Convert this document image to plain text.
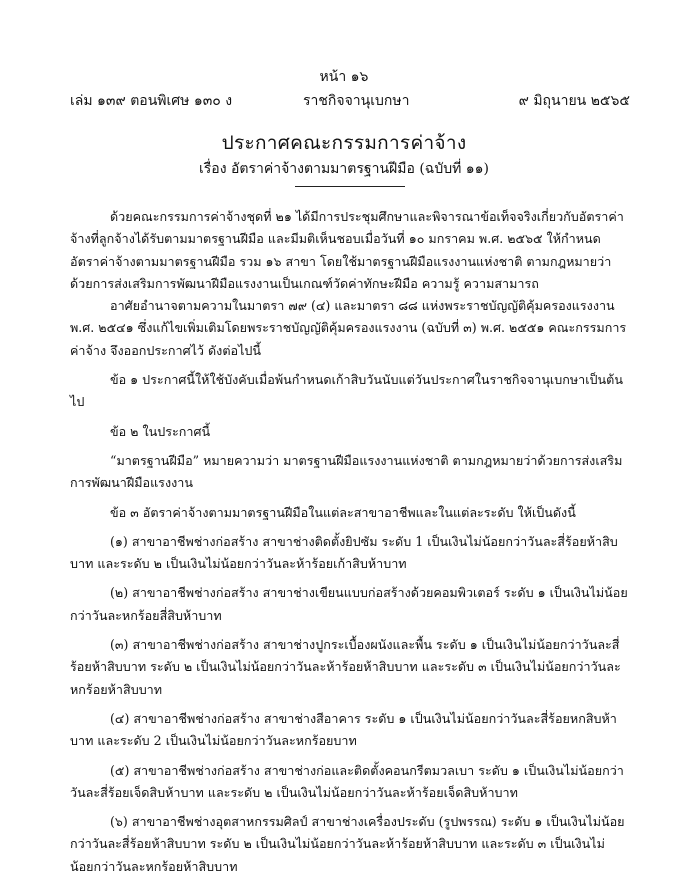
หน้า ๑๖
เล่ม ๑๓๙ ตอนพิเศษ ๑๓๐ ง	ราชกิจจานุเบกษา	๙ มิถุนายน ๒๕๖๕
ประกาศคณะกรรมการค่าจ้าง
เรื่อง อัตราค่าจ้างตามมาตรฐานฝีมือ (ฉบับที่ ๑๑)

ด้วยคณะกรรมการค่าจ้างชุดที่ ๒๑ ได้มีการประชุมศึกษาและพิจารณาข้อเท็จจริงเกี่ยวกับอัตราค่าจ้างที่ลูกจ้างได้รับตามมาตรฐานฝีมือ และมีมติเห็นชอบเมื่อวันที่ ๑๐ มกราคม พ.ศ. ๒๕๖๕ ให้กำหนดอัตราค่าจ้างตามมาตรฐานฝีมือ รวม ๑๖ สาขา โดยใช้มาตรฐานฝีมือแรงงานแห่งชาติ ตามกฎหมายว่าด้วยการส่งเสริมการพัฒนาฝีมือแรงงานเป็นเกณฑ์วัดค่าทักษะฝีมือ ความรู้ ความสามารถ

อาศัยอำนาจตามความในมาตรา ๗๙ (๔) และมาตรา ๘๘ แห่งพระราชบัญญัติคุ้มครองแรงงาน พ.ศ. ๒๕๔๑ ซึ่งแก้ไขเพิ่มเติมโดยพระราชบัญญัติคุ้มครองแรงงาน (ฉบับที่ ๓) พ.ศ. ๒๕๕๑ คณะกรรมการค่าจ้าง จึงออกประกาศไว้ ดังต่อไปนี้

ข้อ ๑ ประกาศนี้ให้ใช้บังคับเมื่อพ้นกำหนดเก้าสิบวันนับแต่วันประกาศในราชกิจจานุเบกษาเป็นต้นไป

ข้อ ๒ ในประกาศนี้

“มาตรฐานฝีมือ” หมายความว่า มาตรฐานฝีมือแรงงานแห่งชาติ ตามกฎหมายว่าด้วยการส่งเสริมการพัฒนาฝีมือแรงงาน

ข้อ ๓ อัตราค่าจ้างตามมาตรฐานฝีมือในแต่ละสาขาอาชีพและในแต่ละระดับ ให้เป็นดังนี้

(๑) สาขาอาชีพช่างก่อสร้าง สาขาช่างติดตั้งยิปซัม ระดับ 1 เป็นเงินไม่น้อยกว่าวันละสี่ร้อยห้าสิบบาท และระดับ ๒ เป็นเงินไม่น้อยกว่าวันละห้าร้อยเก้าสิบห้าบาท

(๒) สาขาอาชีพช่างก่อสร้าง สาขาช่างเขียนแบบก่อสร้างด้วยคอมพิวเตอร์ ระดับ ๑ เป็นเงินไม่น้อยกว่าวันละหกร้อยสี่สิบห้าบาท

(๓) สาขาอาชีพช่างก่อสร้าง สาขาช่างปูกระเบื้องผนังและพื้น ระดับ ๑ เป็นเงินไม่น้อยกว่าวันละสี่ร้อยห้าสิบบาท ระดับ ๒ เป็นเงินไม่น้อยกว่าวันละห้าร้อยห้าสิบบาท และระดับ ๓ เป็นเงินไม่น้อยกว่าวันละหกร้อยห้าสิบบาท

(๔) สาขาอาชีพช่างก่อสร้าง สาขาช่างสีอาคาร ระดับ ๑ เป็นเงินไม่น้อยกว่าวันละสี่ร้อยหกสิบห้าบาท และระดับ 2 เป็นเงินไม่น้อยกว่าวันละหกร้อยบาท

(๕) สาขาอาชีพช่างก่อสร้าง สาขาช่างก่อและติดตั้งคอนกรีตมวลเบา ระดับ ๑ เป็นเงินไม่น้อยกว่าวันละสี่ร้อยเจ็ดสิบห้าบาท และระดับ ๒ เป็นเงินไม่น้อยกว่าวันละห้าร้อยเจ็ดสิบห้าบาท

(๖) สาขาอาชีพช่างอุตสาหกรรมศิลป์ สาขาช่างเครื่องประดับ (รูปพรรณ) ระดับ ๑ เป็นเงินไม่น้อยกว่าวันละสี่ร้อยห้าสิบบาท ระดับ ๒ เป็นเงินไม่น้อยกว่าวันละห้าร้อยห้าสิบบาท และระดับ ๓ เป็นเงินไม่น้อยกว่าวันละหกร้อยห้าสิบบาท
